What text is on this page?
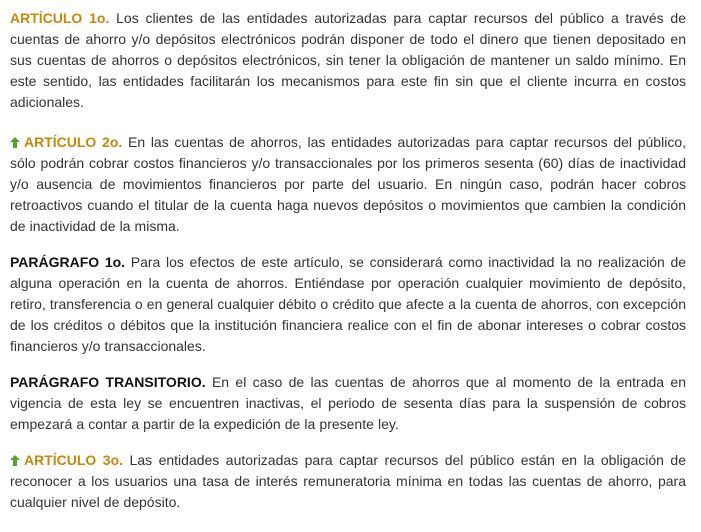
ARTÍCULO 1o. Los clientes de las entidades autorizadas para captar recursos del público a través de cuentas de ahorro y/o depósitos electrónicos podrán disponer de todo el dinero que tienen depositado en sus cuentas de ahorros o depósitos electrónicos, sin tener la obligación de mantener un saldo mínimo. En este sentido, las entidades facilitarán los mecanismos para este fin sin que el cliente incurra en costos adicionales.

ARTÍCULO 2o. En las cuentas de ahorros, las entidades autorizadas para captar recursos del público, sólo podrán cobrar costos financieros y/o transaccionales por los primeros sesenta (60) días de inactividad y/o ausencia de movimientos financieros por parte del usuario. En ningún caso, podrán hacer cobros retroactivos cuando el titular de la cuenta haga nuevos depósitos o movimientos que cambien la condición de inactividad de la misma.

PARÁGRAFO 1o. Para los efectos de este artículo, se considerará como inactividad la no realización de alguna operación en la cuenta de ahorros. Entiéndase por operación cualquier movimiento de depósito, retiro, transferencia o en general cualquier débito o crédito que afecte a la cuenta de ahorros, con excepción de los créditos o débitos que la institución financiera realice con el fin de abonar intereses o cobrar costos financieros y/o transaccionales.

PARÁGRAFO TRANSITORIO. En el caso de las cuentas de ahorros que al momento de la entrada en vigencia de esta ley se encuentren inactivas, el periodo de sesenta días para la suspensión de cobros empezará a contar a partir de la expedición de la presente ley.

ARTÍCULO 3o. Las entidades autorizadas para captar recursos del público están en la obligación de reconocer a los usuarios una tasa de interés remuneratoria mínima en todas las cuentas de ahorro, para cualquier nivel de depósito.
